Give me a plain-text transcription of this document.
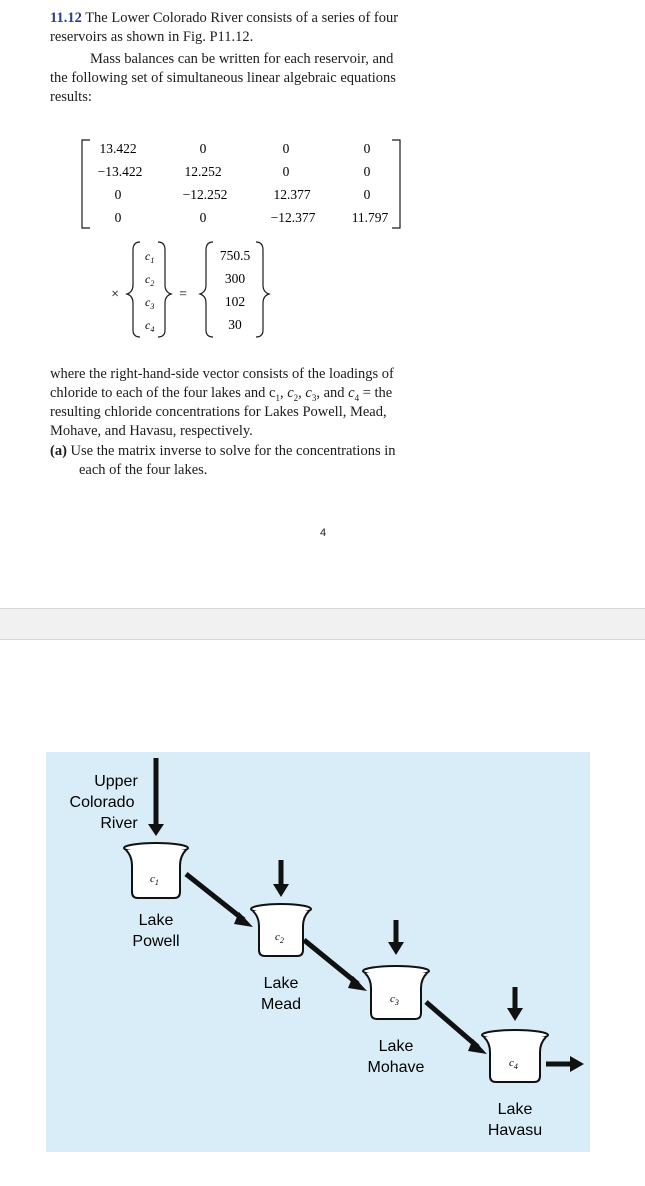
11.12 The Lower Colorado River consists of a series of four
reservoirs as shown in Fig. P11.12.
Mass balances can be written for each reservoir, and
the following set of simultaneous linear algebraic equations
results:
13.422	0	0	0
−13.422	12.252	0	0
0	−12.252	12.377	0
0	0	−12.377	11.797
×
$c_1$
$c_2$
$c_3$
$c_4$
=
750.5
300
102
30
where the right-hand-side vector consists of the loadings of
chloride to each of the four lakes and $c_1$, $c_2$, $c_3$, and $c_4$ = the
resulting chloride concentrations for Lakes Powell, Mead,
Mohave, and Havasu, respectively.
(a) Use the matrix inverse to solve for the concentrations in
each of the four lakes.
4
Upper
Colorado
River
$c_1$
Lake
Powell	$c_2$
Lake
Mead	$c_3$
Lake
Mohave	$c_4$
Lake
Havasu
